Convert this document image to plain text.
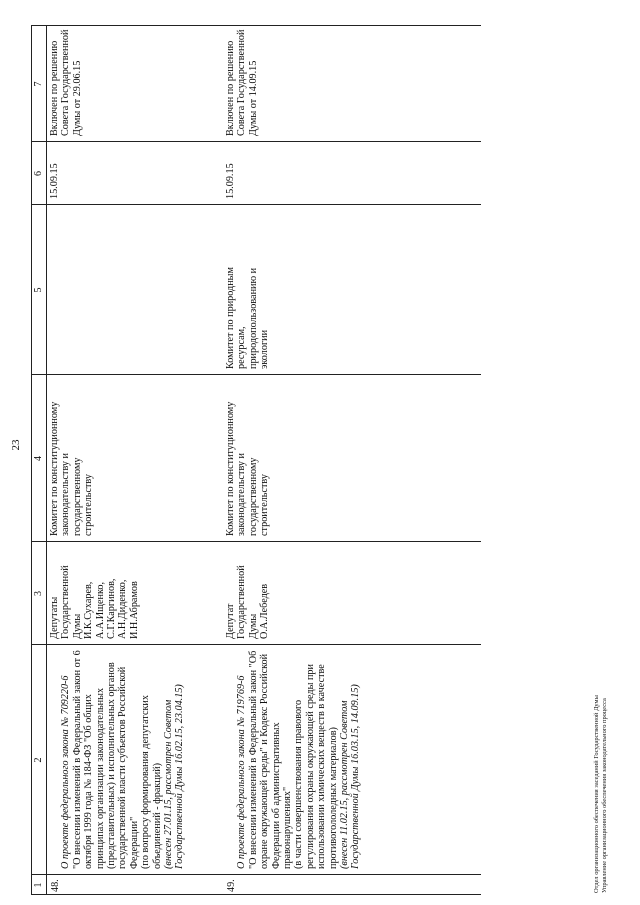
23
1
2
3
4
5
6
7
48.

О проекте федерального закона № 709220-6
"О внесении изменений в Федеральный закон от 6 октября 1999 года № 184-ФЗ "Об общих принципах организации законодательных (представительных) и исполнительных органов государственной власти субъектов Российской Федерации"
(по вопросу формирования депутатских объединений - фракций)
(внесен 27.01.15, рассмотрен Советом Государственной Думы 16.02.15, 23.04.15)

Депутаты Государственной Думы
И.К.Сухарев,
А.А.Ищенко,
С.Г.Каргинов,
А.Н.Диденко,
И.Н.Абрамов
Комитет по конституционному законодательству и государственному строительству
15.09.15
Включен по решению Совета Государственной Думы от 29.06.15
49.

О проекте федерального закона № 719769-6
"О внесении изменений в Федеральный закон "Об охране окружающей среды" и Кодекс Российской Федерации об административных правонарушениях"
(в части совершенствования правового регулирования охраны окружающей среды при использовании химических веществ в качестве противогололедных материалов)
(внесен 11.02.15, рассмотрен Советом Государственной Думы 16.03.15, 14.09.15)

Депутат Государственной Думы
О.А.Лебедев
Комитет по конституционному законодательству и государственному строительству
Комитет по природным ресурсам, природопользованию и экологии
15.09.15
Включен по решению Совета Государственной Думы от 14.09.15
Отдел организационного обеспечения заседаний Государственной Думы Управление организационного обеспечения законодательного процесса
